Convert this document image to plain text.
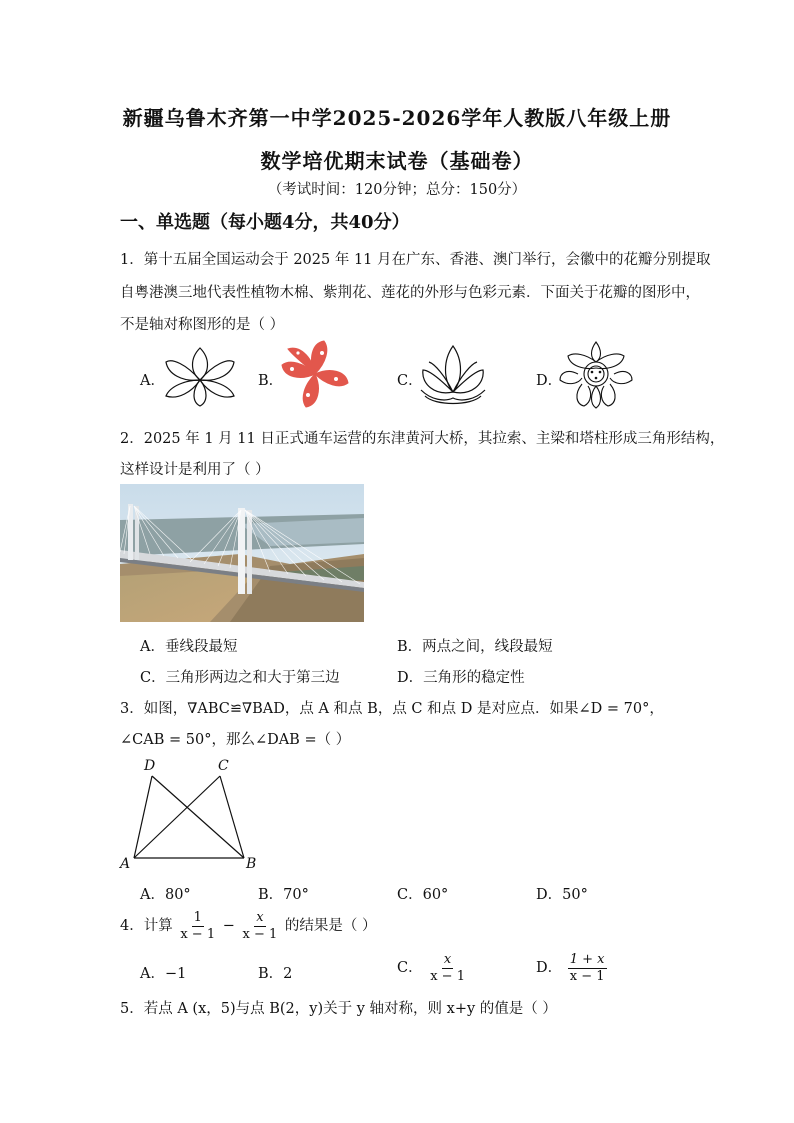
新疆乌鲁木齐第一中学2025-2026学年人教版八年级上册
数学培优期末试卷（基础卷）
（考试时间：120分钟；总分：150分）
一、单选题（每小题4分，共40分）
1．第十五届全国运动会于 2025 年 11 月在广东、香港、澳门举行，会徽中的花瓣分别提取
自粤港澳三地代表性植物木棉、紫荆花、莲花的外形与色彩元素．下面关于花瓣的图形中，
不是轴对称图形的是（ ）
A．	B．	C．	D．
2．2025 年 1 月 11 日正式通车运营的东津黄河大桥，其拉索、主梁和塔柱形成三角形结构，
这样设计是利用了（ ）
A．垂线段最短	B．两点之间，线段最短
C．三角形两边之和大于第三边	D．三角形的稳定性
3．如图，∇ABC≌∇BAD，点 A 和点 B，点 C 和点 D 是对应点．如果∠D = 70°，
∠CAB = 50°，那么∠DAB =（ ）
D	C
A	B
A．80°	B．70°	C．60°	D．50°
4．计算 $\frac{1}{x - 1} - \frac{x}{x - 1}$ 的结果是（ ）
A．−1	B．2	C． $\frac{x}{x - 1}$	D． $\frac{1 + x}{x - 1}$
5．若点 A (x，5)与点 B(2，y)关于 y 轴对称，则 x+y 的值是（ ）
